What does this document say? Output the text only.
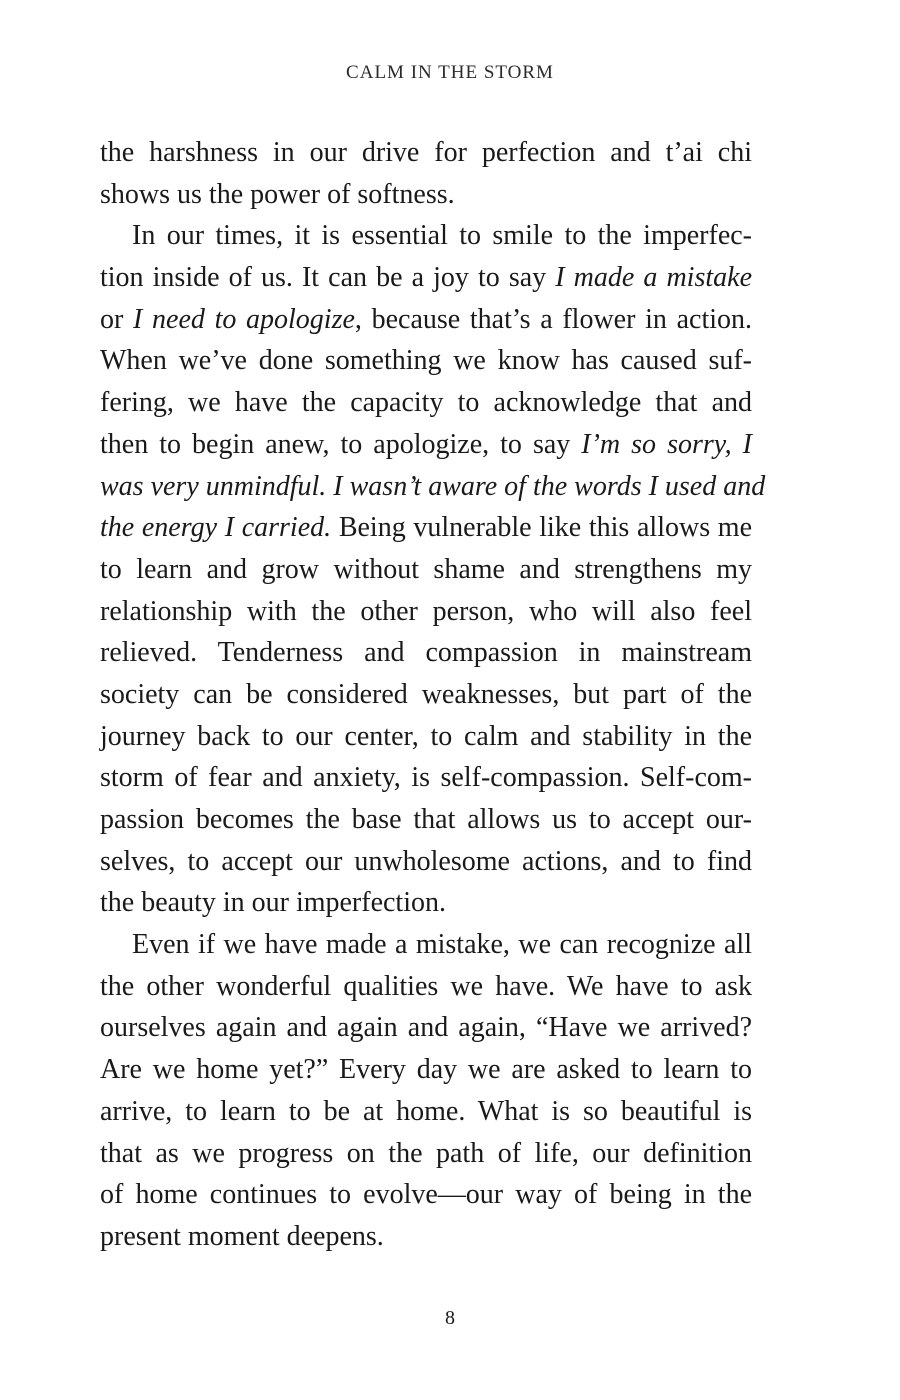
CALM IN THE STORM
the harshness in our drive for perfection and t’ai chi
shows us the power of softness.
In our times, it is essential to smile to the imperfec-
tion inside of us. It can be a joy to say I made a mistake
or I need to apologize, because that’s a flower in action.
When we’ve done something we know has caused suf-
fering, we have the capacity to acknowledge that and
then to begin anew, to apologize, to say I’m so sorry, I
was very unmindful. I wasn’t aware of the words I used and
the energy I carried. Being vulnerable like this allows me
to learn and grow without shame and strengthens my
relationship with the other person, who will also feel
relieved. Tenderness and compassion in mainstream
society can be considered weaknesses, but part of the
journey back to our center, to calm and stability in the
storm of fear and anxiety, is self-compassion. Self-com-
passion becomes the base that allows us to accept our-
selves, to accept our unwholesome actions, and to find
the beauty in our imperfection.
Even if we have made a mistake, we can recognize all
the other wonderful qualities we have. We have to ask
ourselves again and again and again, “Have we arrived?
Are we home yet?” Every day we are asked to learn to
arrive, to learn to be at home. What is so beautiful is
that as we progress on the path of life, our definition
of home continues to evolve—our way of being in the
present moment deepens.
8
